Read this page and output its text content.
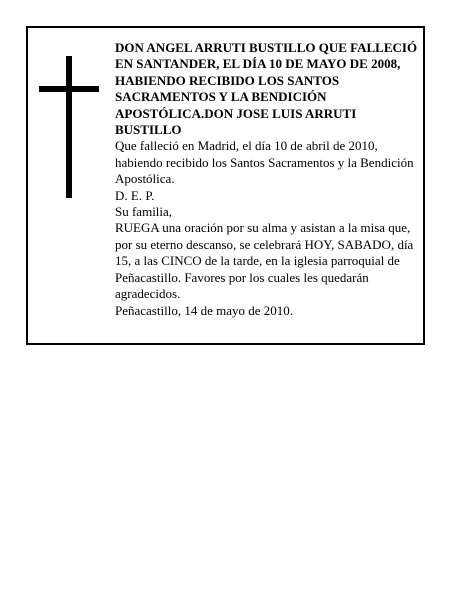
DON ANGEL ARRUTI BUSTILLO QUE FALLECIÓ EN SANTANDER, EL DÍA 10 DE MAYO DE 2008, HABIENDO RECIBIDO LOS SANTOS SACRAMENTOS Y LA BENDICIÓN APOSTÓLICA.DON JOSE LUIS ARRUTI BUSTILLO

Que falleció en Madrid, el día 10 de abril de 2010, habiendo recibido los Santos Sacramentos y la Bendición Apostólica.

D. E. P.

Su familia,

RUEGA una oración por su alma y asistan a la misa que, por su eterno descanso, se celebrará HOY, SABADO, día 15, a las CINCO de la tarde, en la iglesia parroquial de Peñacastillo. Favores por los cuales les quedarán agradecidos.

Peñacastillo, 14 de mayo de 2010.
